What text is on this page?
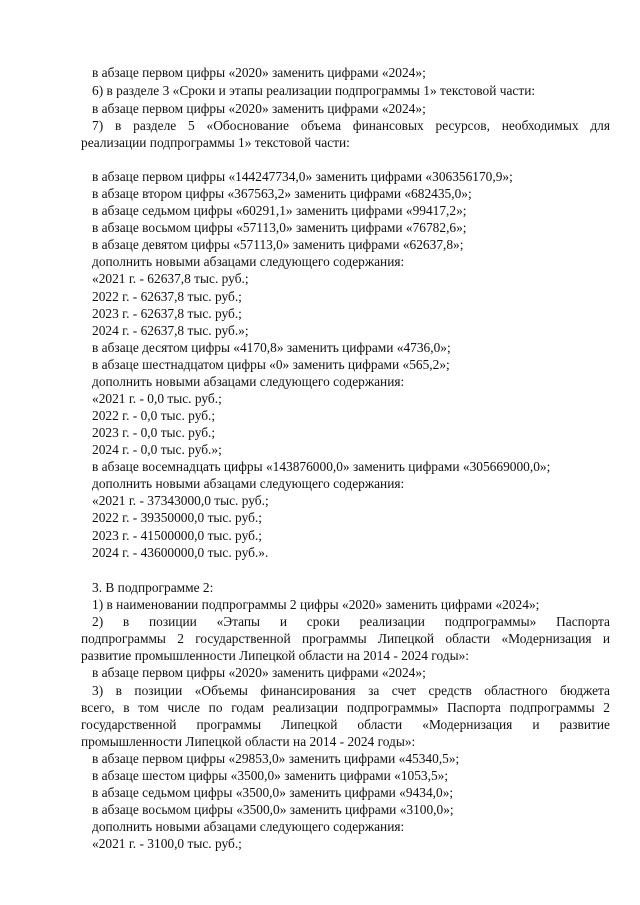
в абзаце первом цифры «2020» заменить цифрами «2024»;
6) в разделе 3 «Сроки и этапы реализации подпрограммы 1» текстовой части:
в абзаце первом цифры «2020» заменить цифрами «2024»;
7) в разделе 5 «Обоснование объема финансовых ресурсов, необходимых для
реализации подпрограммы 1» текстовой части:
в абзаце первом цифры «144247734,0» заменить цифрами «306356170,9»;
в абзаце втором цифры «367563,2» заменить цифрами «682435,0»;
в абзаце седьмом цифры «60291,1» заменить цифрами «99417,2»;
в абзаце восьмом цифры «57113,0» заменить цифрами «76782,6»;
в абзаце девятом цифры «57113,0» заменить цифрами «62637,8»;
дополнить новыми абзацами следующего содержания:
«2021 г. - 62637,8 тыс. руб.;
2022 г. - 62637,8 тыс. руб.;
2023 г. - 62637,8 тыс. руб.;
2024 г. - 62637,8 тыс. руб.»;
в абзаце десятом цифры «4170,8» заменить цифрами «4736,0»;
в абзаце шестнадцатом цифры «0» заменить цифрами «565,2»;
дополнить новыми абзацами следующего содержания:
«2021 г. - 0,0 тыс. руб.;
2022 г. - 0,0 тыс. руб.;
2023 г. - 0,0 тыс. руб.;
2024 г. - 0,0 тыс. руб.»;
в абзаце восемнадцать цифры «143876000,0» заменить цифрами «305669000,0»;
дополнить новыми абзацами следующего содержания:
«2021 г. - 37343000,0 тыс. руб.;
2022 г. - 39350000,0 тыс. руб.;
2023 г. - 41500000,0 тыс. руб.;
2024 г. - 43600000,0 тыс. руб.».
3. В подпрограмме 2:
1) в наименовании подпрограммы 2 цифры «2020» заменить цифрами «2024»;
2) в позиции «Этапы и сроки реализации подпрограммы» Паспорта
подпрограммы 2 государственной программы Липецкой области «Модернизация и
развитие промышленности Липецкой области на 2014 - 2024 годы»:
в абзаце первом цифры «2020» заменить цифрами «2024»;
3) в позиции «Объемы финансирования за счет средств областного бюджета
всего, в том числе по годам реализации подпрограммы» Паспорта подпрограммы 2
государственной программы Липецкой области «Модернизация и развитие
промышленности Липецкой области на 2014 - 2024 годы»:
в абзаце первом цифры «29853,0» заменить цифрами «45340,5»;
в абзаце шестом цифры «3500,0» заменить цифрами «1053,5»;
в абзаце седьмом цифры «3500,0» заменить цифрами «9434,0»;
в абзаце восьмом цифры «3500,0» заменить цифрами «3100,0»;
дополнить новыми абзацами следующего содержания:
«2021 г. - 3100,0 тыс. руб.;
